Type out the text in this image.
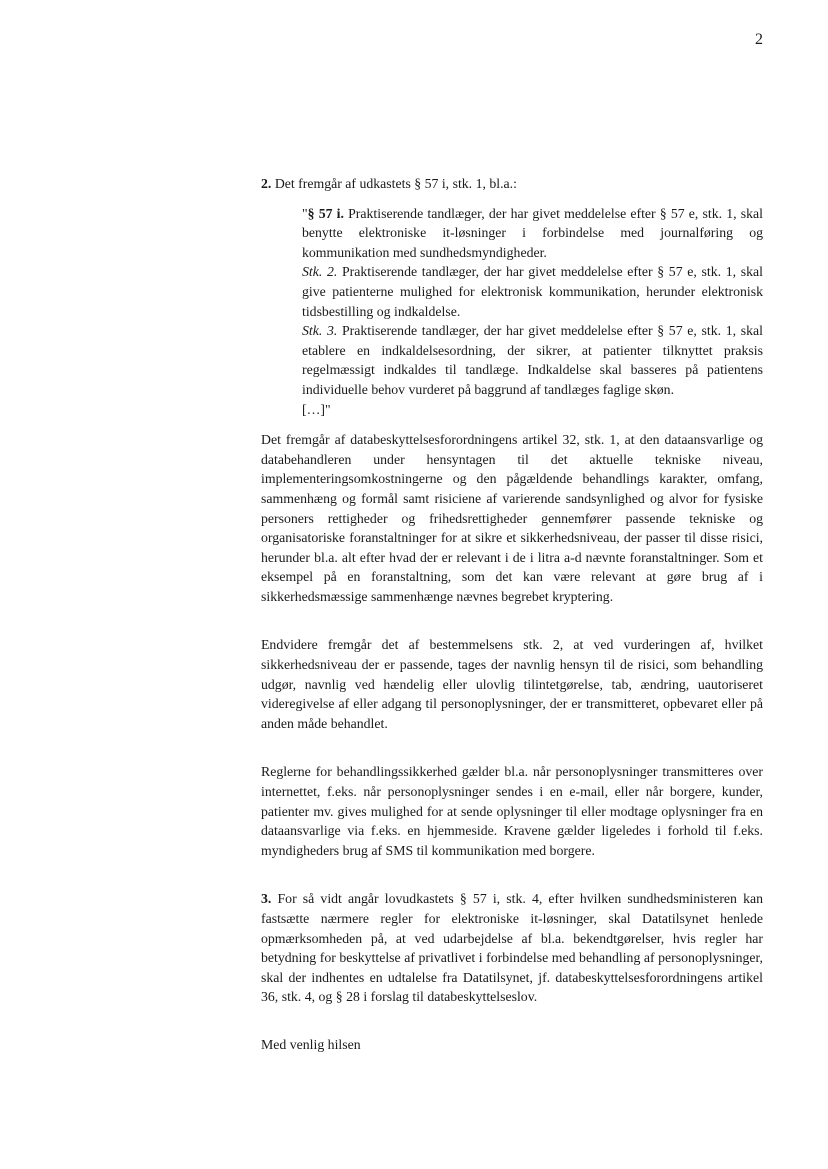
2

2. Det fremgår af udkastets § 57 i, stk. 1, bl.a.:

"§ 57 i. Praktiserende tandlæger, der har givet meddelelse efter § 57 e, stk. 1, skal benytte elektroniske it-løsninger i forbindelse med journalføring og kommunikation med sundhedsmyndigheder.

Stk. 2. Praktiserende tandlæger, der har givet meddelelse efter § 57 e, stk. 1, skal give patienterne mulighed for elektronisk kommunikation, herunder elektronisk tidsbestilling og indkaldelse.

Stk. 3. Praktiserende tandlæger, der har givet meddelelse efter § 57 e, stk. 1, skal etablere en indkaldelsesordning, der sikrer, at patienter tilknyttet praksis regelmæssigt indkaldes til tandlæge. Indkaldelse skal basseres på patientens individuelle behov vurderet på baggrund af tandlæges faglige skøn.

[…]"

Det fremgår af databeskyttelsesforordningens artikel 32, stk. 1, at den dataansvarlige og databehandleren under hensyntagen til det aktuelle tekniske niveau, implementeringsomkostningerne og den pågældende behandlings karakter, omfang, sammenhæng og formål samt risiciene af varierende sandsynlighed og alvor for fysiske personers rettigheder og frihedsrettigheder gennemfører passende tekniske og organisatoriske foranstaltninger for at sikre et sikkerhedsniveau, der passer til disse risici, herunder bl.a. alt efter hvad der er relevant i de i litra a-d nævnte foranstaltninger. Som et eksempel på en foranstaltning, som det kan være relevant at gøre brug af i sikkerhedsmæssige sammenhænge nævnes begrebet kryptering.

Endvidere fremgår det af bestemmelsens stk. 2, at ved vurderingen af, hvilket sikkerhedsniveau der er passende, tages der navnlig hensyn til de risici, som behandling udgør, navnlig ved hændelig eller ulovlig tilintetgørelse, tab, ændring, uautoriseret videregivelse af eller adgang til personoplysninger, der er transmitteret, opbevaret eller på anden måde behandlet.

Reglerne for behandlingssikkerhed gælder bl.a. når personoplysninger transmitteres over internettet, f.eks. når personoplysninger sendes i en e-mail, eller når borgere, kunder, patienter mv. gives mulighed for at sende oplysninger til eller modtage oplysninger fra en dataansvarlige via f.eks. en hjemmeside. Kravene gælder ligeledes i forhold til f.eks. myndigheders brug af SMS til kommunikation med borgere.

3. For så vidt angår lovudkastets § 57 i, stk. 4, efter hvilken sundhedsministeren kan fastsætte nærmere regler for elektroniske it-løsninger, skal Datatilsynet henlede opmærksomheden på, at ved udarbejdelse af bl.a. bekendtgørelser, hvis regler har betydning for beskyttelse af privatlivet i forbindelse med behandling af personoplysninger, skal der indhentes en udtalelse fra Datatilsynet, jf. databeskyttelsesforordningens artikel 36, stk. 4, og § 28 i forslag til databeskyttelseslov.

Med venlig hilsen
